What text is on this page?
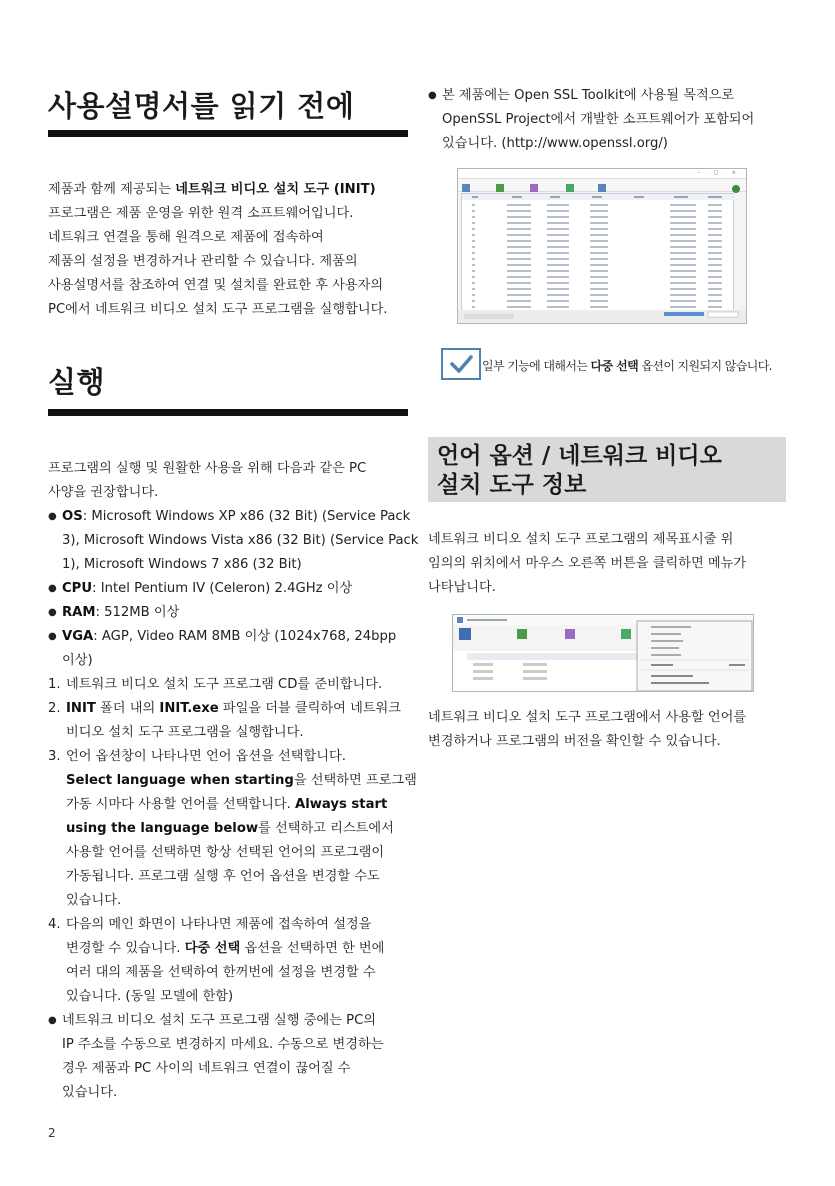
사용설명서를 읽기 전에
제품과 함께 제공되는 네트워크 비디오 설치 도구 (INIT)
프로그램은 제품 운영을 위한 원격 소프트웨어입니다.
네트워크 연결을 통해 원격으로 제품에 접속하여
제품의 설정을 변경하거나 관리할 수 있습니다. 제품의
사용설명서를 참조하여 연결 및 설치를 완료한 후 사용자의
PC에서 네트워크 비디오 설치 도구 프로그램을 실행합니다.
실행
프로그램의 실행 및 원활한 사용을 위해 다음과 같은 PC
사양을 권장합니다.
● OS: Microsoft Windows XP x86 (32 Bit) (Service Pack
3), Microsoft Windows Vista x86 (32 Bit) (Service Pack
1), Microsoft Windows 7 x86 (32 Bit)
● CPU: Intel Pentium IV (Celeron) 2.4GHz 이상
● RAM: 512MB 이상
● VGA: AGP, Video RAM 8MB 이상 (1024x768, 24bpp
이상)
1. 네트워크 비디오 설치 도구 프로그램 CD를 준비합니다.
2. INIT 폴더 내의 INIT.exe 파일을 더블 클릭하여 네트워크
비디오 설치 도구 프로그램을 실행합니다.
3. 언어 옵션창이 나타나면 언어 옵션을 선택합니다.
Select language when starting을 선택하면 프로그램
가동 시마다 사용할 언어를 선택합니다. Always start
using the language below를 선택하고 리스트에서
사용할 언어를 선택하면 항상 선택된 언어의 프로그램이
가동됩니다. 프로그램 실행 후 언어 옵션을 변경할 수도
있습니다.
4. 다음의 메인 화면이 나타나면 제품에 접속하여 설정을
변경할 수 있습니다. 다중 선택 옵션을 선택하면 한 번에
여러 대의 제품을 선택하여 한꺼번에 설정을 변경할 수
있습니다. (동일 모델에 한함)
● 네트워크 비디오 설치 도구 프로그램 실행 중에는 PC의
IP 주소를 수동으로 변경하지 마세요. 수동으로 변경하는
경우 제품과 PC 사이의 네트워크 연결이 끊어질 수
있습니다.
2
● 본 제품에는 Open SSL Toolkit에 사용될 목적으로
OpenSSL Project에서 개발한 소프트웨어가 포함되어
있습니다. (http://www.openssl.org/)
– □ ×
일부 기능에 대해서는 다중 선택 옵션이 지원되지 않습니다.
언어 옵션 / 네트워크 비디오
설치 도구 정보
네트워크 비디오 설치 도구 프로그램의 제목표시줄 위
임의의 위치에서 마우스 오른쪽 버튼을 클릭하면 메뉴가
나타납니다.
네트워크 비디오 설치 도구 프로그램에서 사용할 언어를
변경하거나 프로그램의 버전을 확인할 수 있습니다.
